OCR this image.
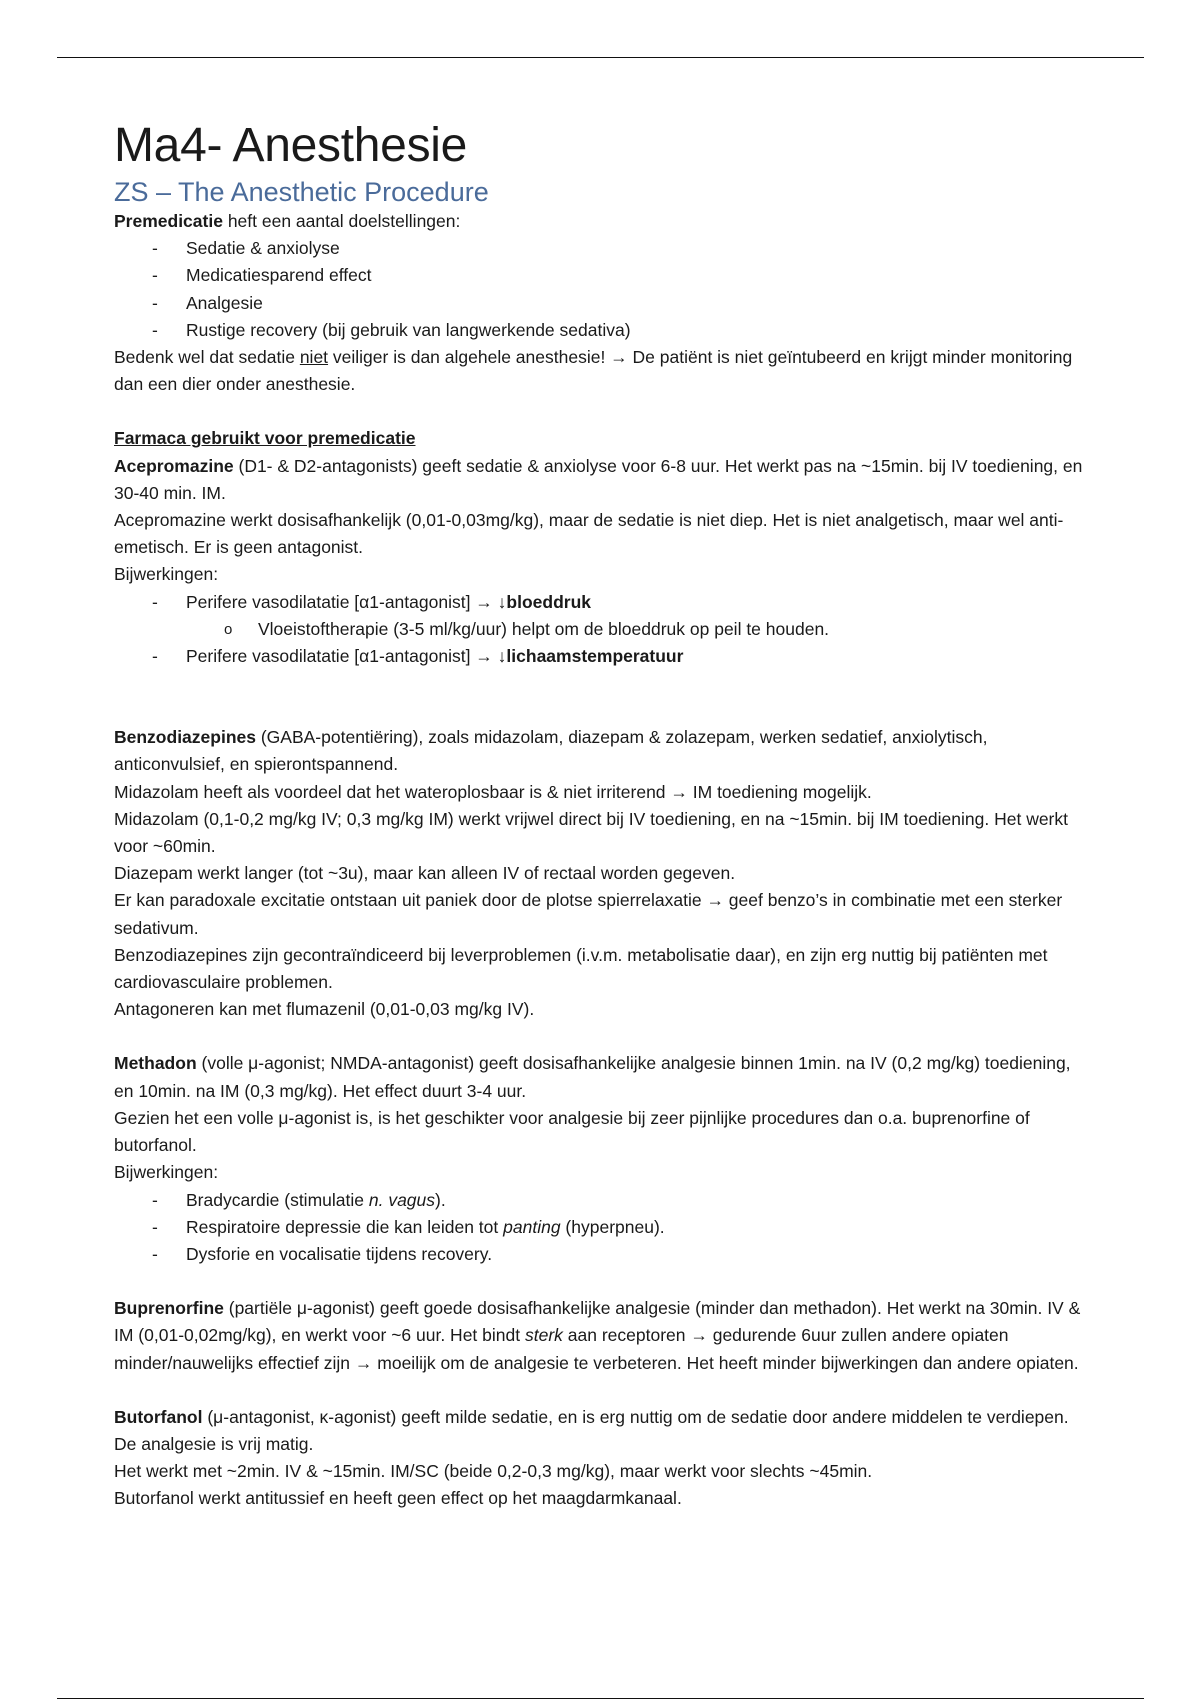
Ma4- Anesthesie
ZS – The Anesthetic Procedure

Premedicatie heft een aantal doelstellingen:

- Sedatie & anxiolyse
- Medicatiesparend effect
- Analgesie
- Rustige recovery (bij gebruik van langwerkende sedativa)

Bedenk wel dat sedatie niet veiliger is dan algehele anesthesie! → De patiënt is niet geïntubeerd en krijgt minder monitoring dan een dier onder anesthesie.

Farmaca gebruikt voor premedicatie

Acepromazine (D1- & D2-antagonists) geeft sedatie & anxiolyse voor 6-8 uur. Het werkt pas na ~15min. bij IV toediening, en 30-40 min. IM.

Acepromazine werkt dosisafhankelijk (0,01-0,03mg/kg), maar de sedatie is niet diep. Het is niet analgetisch, maar wel anti-emetisch. Er is geen antagonist.

Bijwerkingen:

- Perifere vasodilatatie [α1-antagonist] → ↓bloeddruk
o Vloeistoftherapie (3-5 ml/kg/uur) helpt om de bloeddruk op peil te houden.
- Perifere vasodilatatie [α1-antagonist] → ↓lichaamstemperatuur

Benzodiazepines (GABA-potentiëring), zoals midazolam, diazepam & zolazepam, werken sedatief, anxiolytisch, anticonvulsief, en spierontspannend.

Midazolam heeft als voordeel dat het wateroplosbaar is & niet irriterend → IM toediening mogelijk.

Midazolam (0,1-0,2 mg/kg IV; 0,3 mg/kg IM) werkt vrijwel direct bij IV toediening, en na ~15min. bij IM toediening. Het werkt voor ~60min.

Diazepam werkt langer (tot ~3u), maar kan alleen IV of rectaal worden gegeven.

Er kan paradoxale excitatie ontstaan uit paniek door de plotse spierrelaxatie → geef benzo’s in combinatie met een sterker sedativum.

Benzodiazepines zijn gecontraïndiceerd bij leverproblemen (i.v.m. metabolisatie daar), en zijn erg nuttig bij patiënten met cardiovasculaire problemen.

Antagoneren kan met flumazenil (0,01-0,03 mg/kg IV).

Methadon (volle μ-agonist; NMDA-antagonist) geeft dosisafhankelijke analgesie binnen 1min. na IV (0,2 mg/kg) toediening, en 10min. na IM (0,3 mg/kg). Het effect duurt 3-4 uur.

Gezien het een volle μ-agonist is, is het geschikter voor analgesie bij zeer pijnlijke procedures dan o.a. buprenorfine of butorfanol.

Bijwerkingen:

- Bradycardie (stimulatie n. vagus).
- Respiratoire depressie die kan leiden tot panting (hyperpneu).
- Dysforie en vocalisatie tijdens recovery.

Buprenorfine (partiële μ-agonist) geeft goede dosisafhankelijke analgesie (minder dan methadon). Het werkt na 30min. IV & IM (0,01-0,02mg/kg), en werkt voor ~6 uur. Het bindt sterk aan receptoren → gedurende 6uur zullen andere opiaten minder/nauwelijks effectief zijn → moeilijk om de analgesie te verbeteren. Het heeft minder bijwerkingen dan andere opiaten.

Butorfanol (μ-antagonist, κ-agonist) geeft milde sedatie, en is erg nuttig om de sedatie door andere middelen te verdiepen. De analgesie is vrij matig.

Het werkt met ~2min. IV & ~15min. IM/SC (beide 0,2-0,3 mg/kg), maar werkt voor slechts ~45min.

Butorfanol werkt antitussief en heeft geen effect op het maagdarmkanaal.
